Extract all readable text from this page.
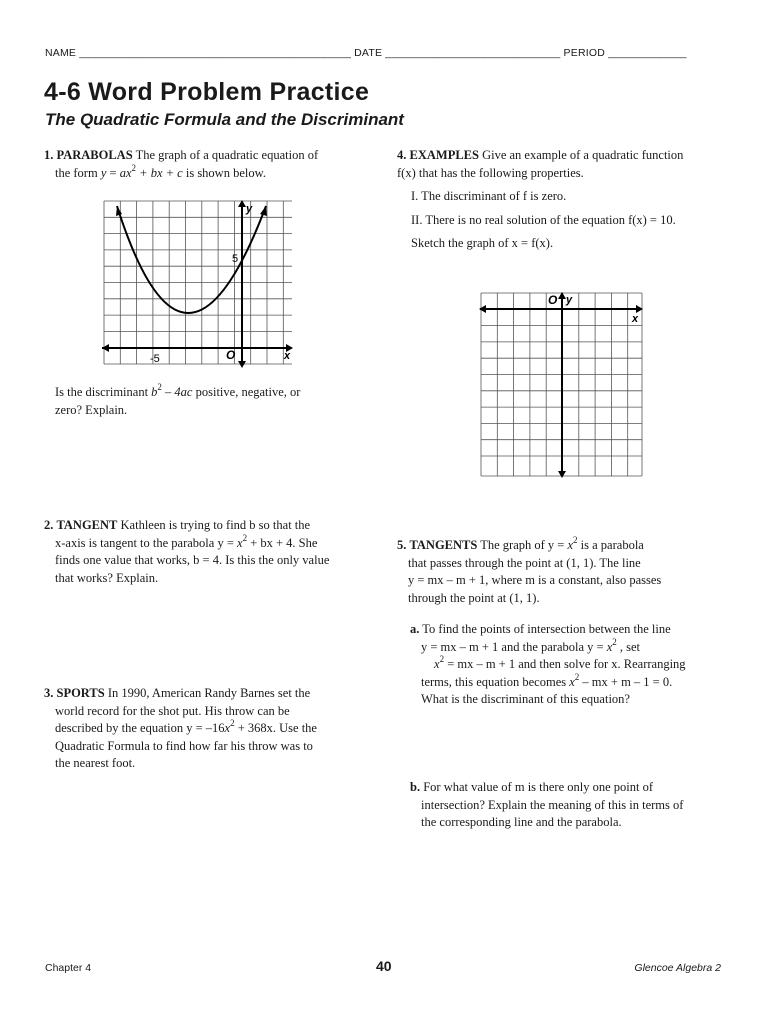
NAME _____________________________________________ DATE _____________________________ PERIOD _____________
4-6 Word Problem Practice
The Quadratic Formula and the Discriminant
1. PARABOLAS The graph of a quadratic equation of
the form $y = ax^2$ + bx + c is shown below.
y
x
O
5
-5
Is the discriminant $b^2 - 4ac$ positive, negative, or
zero? Explain.
2. TANGENT Kathleen is trying to find b so that the
x-axis is tangent to the parabola $y = x^2$ + bx + 4. She
finds one value that works, b = 4. Is this the only value
that works? Explain.
3. SPORTS In 1990, American Randy Barnes set the
world record for the shot put. His throw can be
described by the equation $y = -16x^2 + 368x$. Use the
Quadratic Formula to find how far his throw was to
the nearest foot.
4. EXAMPLES Give an example of a quadratic function
f(x) that has the following properties.
I. The discriminant of f is zero.
II. There is no real solution of the equation f(x) = 10.
Sketch the graph of x = f(x).
y
x
O
5. TANGENTS The graph of $y = x^2$ is a parabola
that passes through the point at (1, 1). The line
y = mx – m + 1, where m is a constant, also passes
through the point at (1, 1).
a. To find the points of intersection between the line
y = mx – m + 1 and the parabola $y = x^2$ , set
$x^2$ = mx – m + 1 and then solve for x. Rearranging
terms, this equation becomes $x^2$ – mx + m – 1 = 0.
What is the discriminant of this equation?
b. For what value of m is there only one point of
intersection? Explain the meaning of this in terms of
the corresponding line and the parabola.
Chapter 4	40	Glencoe Algebra 2
